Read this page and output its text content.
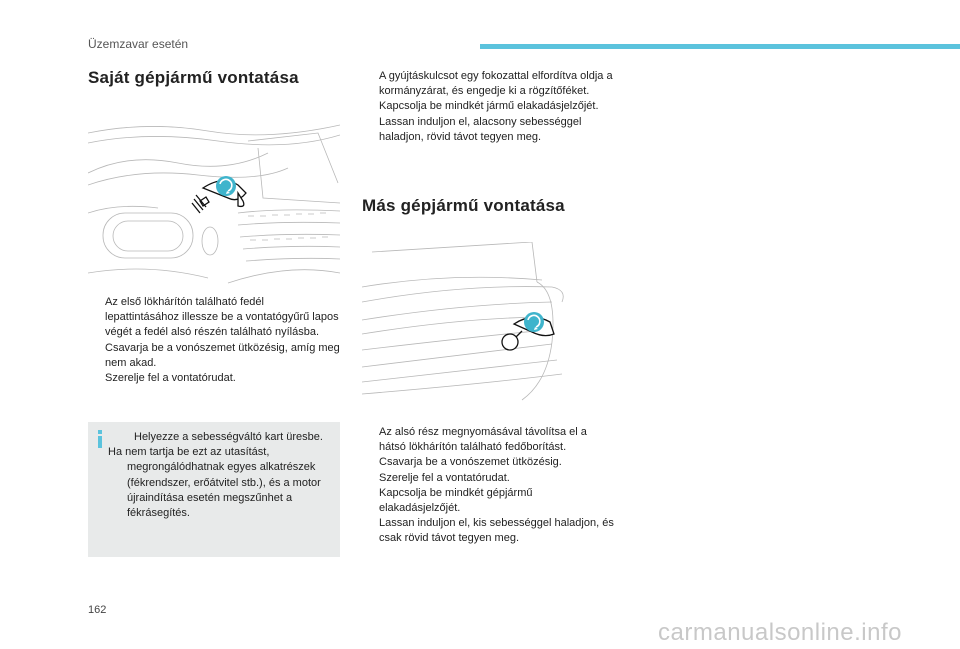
Üzemzavar esetén
Saját gépjármű vontatása
Az első lökhárítón található fedél lepattintásához illessze be a vontatógyűrű lapos végét a fedél alsó részén található nyílásba.
Csavarja be a vonószemet ütközésig, amíg meg nem akad.
Szerelje fel a vontatórudat.
Helyezze a sebességváltó kart üresbe.
Ha nem tartja be ezt az utasítást,
megrongálódhatnak egyes alkatrészek (fékrendszer, erőátvitel stb.), és a motor újraindítása esetén megszűnhet a fékrásegítés.
A gyújtáskulcsot egy fokozattal elfordítva oldja a kormányzárat, és engedje ki a rögzítőféket.
Kapcsolja be mindkét jármű elakadásjelzőjét.
Lassan induljon el, alacsony sebességgel haladjon, rövid távot tegyen meg.
Más gépjármű vontatása
Az alsó rész megnyomásával távolítsa el a hátsó lökhárítón található fedőborítást.
Csavarja be a vonószemet ütközésig.
Szerelje fel a vontatórudat.
Kapcsolja be mindkét gépjármű elakadásjelzőjét.
Lassan induljon el, kis sebességgel haladjon, és csak rövid távot tegyen meg.
162
carmanualsonline.info
